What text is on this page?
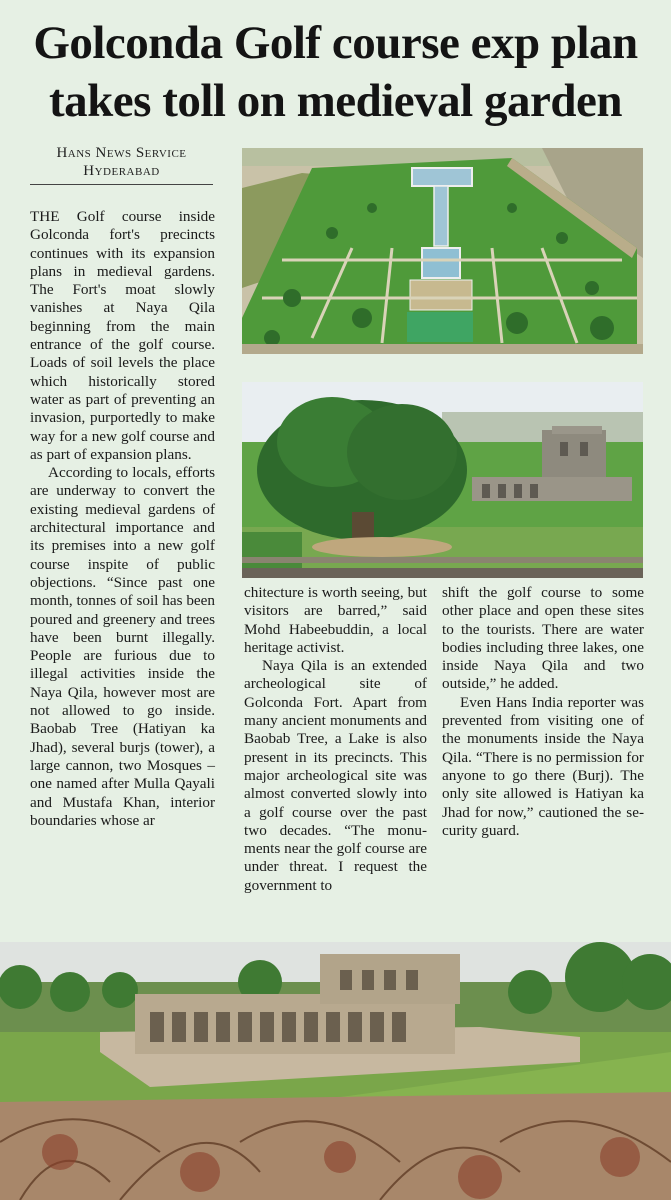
Golconda Golf course exp plan
takes toll on medieval garden
Hans News Service
Hyderabad

THE Golf course inside Golconda fort's precincts continues with its expansion plans in medieval gardens. The Fort's moat slowly vanishes at Naya Qila beginning from the main entrance of the golf course. Loads of soil levels the place which historically stored water as part of preventing an invasion, purportedly to make way for a new golf course and as part of expansion plans.

According to locals, efforts are underway to convert the existing medieval gardens of architectural importance and its premises into a new golf course inspite of public objections. “Since past one month, tonnes of soil has been poured and greenery and trees have been burnt illegally. People are furious due to illegal activities inside the Naya Qila, however most are not allowed to go inside. Baobab Tree (Hatiyan ka Jhad), several burjs (tower), a large cannon, two Mosques – one named after Mulla Qayali and Mustafa Khan, interior boundaries whose ar

chitecture is worth seeing, but visitors are barred,” said Mohd Habeebuddin, a local heritage activist.

Naya Qila is an extended archeological site of Golconda Fort. Apart from many ancient monuments and Baobab Tree, a Lake is also present in its precincts. This major archeological site was almost converted slowly into a golf course over the past two decades. “The monuments near the golf course are under threat. I request the government to

shift the golf course to some other place and open these sites to the tourists. There are water bodies including three lakes, one inside Naya Qila and two outside,” he added.

Even Hans India reporter was prevented from visiting one of the monuments inside the Naya Qila. “There is no permission for anyone to go there (Burj). The only site allowed is Hatiyan ka Jhad for now,” cautioned the security guard.
